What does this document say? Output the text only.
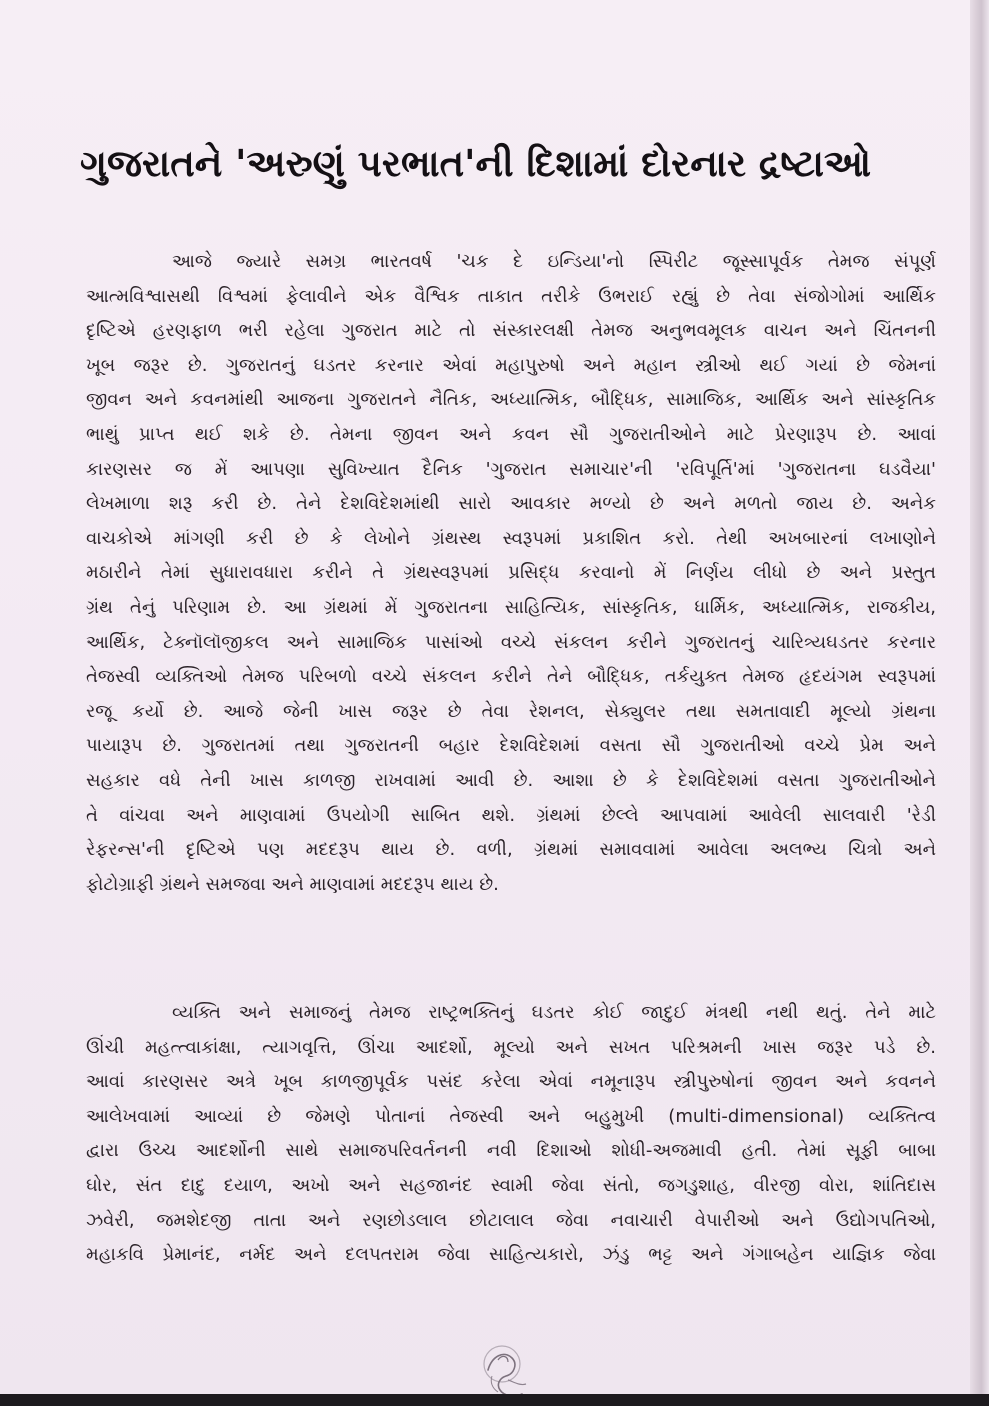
ગુજરાતને 'અરુણું પરભાત'ની દિશામાં દોરનાર દ્રષ્ટાઓ
આજે જ્યારે સમગ્ર ભારતવર્ષ 'ચક દે ઇન્ડિયા'નો સ્પિરીટ જૂસ્સાપૂર્વક તેમજ સંપૂર્ણ
આત્મવિશ્વાસથી વિશ્વમાં ફેલાવીને એક વૈશ્વિક તાકાત તરીકે ઉભરાઈ રહ્યું છે તેવા સંજોગોમાં આર્થિક
દૃષ્ટિએ હરણફાળ ભરી રહેલા ગુજરાત માટે તો સંસ્કારલક્ષી તેમજ અનુભવમૂલક વાચન અને ચિંતનની
ખૂબ જરૂર છે. ગુજરાતનું ઘડતર કરનાર એવાં મહાપુરુષો અને મહાન સ્ત્રીઓ થઈ ગયાં છે જેમનાં
જીવન અને કવનમાંથી આજના ગુજરાતને નૈતિક, અધ્યાત્મિક, બૌદ્ધિક, સામાજિક, આર્થિક અને સાંસ્કૃતિક
ભાથું પ્રાપ્ત થઈ શકે છે. તેમના જીવન અને કવન સૌ ગુજરાતીઓને માટે પ્રેરણારૂપ છે. આવાં
કારણસર જ મેં આપણા સુવિખ્યાત દૈનિક 'ગુજરાત સમાચાર'ની 'રવિપૂર્તિ'માં 'ગુજરાતના ઘડવૈયા'
લેખમાળા શરૂ કરી છે. તેને દેશવિદેશમાંથી સારો આવકાર મળ્યો છે અને મળતો જાય છે. અનેક
વાચકોએ માંગણી કરી છે કે લેખોને ગ્રંથસ્થ સ્વરૂપમાં પ્રકાશિત કરો. તેથી અખબારનાં લખાણોને
મઠારીને તેમાં સુધારાવધારા કરીને તે ગ્રંથસ્વરૂપમાં પ્રસિદ્ધ કરવાનો મેં નિર્ણય લીધો છે અને પ્રસ્તુત
ગ્રંથ તેનું પરિણામ છે. આ ગ્રંથમાં મેં ગુજરાતના સાહિત્યિક, સાંસ્કૃતિક, ધાર્મિક, અધ્યાત્મિક, રાજકીય,
આર્થિક, ટેક્નૉલૉજીકલ અને સામાજિક પાસાંઓ વચ્ચે સંકલન કરીને ગુજરાતનું ચારિત્ર્યઘડતર કરનાર
તેજસ્વી વ્યક્તિઓ તેમજ પરિબળો વચ્ચે સંકલન કરીને તેને બૌદ્ધિક, તર્કયુક્ત તેમજ હૃદયંગમ સ્વરૂપમાં
રજૂ કર્યો છે. આજે જેની ખાસ જરૂર છે તેવા રેશનલ, સેક્યુલર તથા સમતાવાદી મૂલ્યો ગ્રંથના
પાયારૂપ છે. ગુજરાતમાં તથા ગુજરાતની બહાર દેશવિદેશમાં વસતા સૌ ગુજરાતીઓ વચ્ચે પ્રેમ અને
સહકાર વધે તેની ખાસ કાળજી રાખવામાં આવી છે. આશા છે કે દેશવિદેશમાં વસતા ગુજરાતીઓને
તે વાંચવા અને માણવામાં ઉપયોગી સાબિત થશે. ગ્રંથમાં છેલ્લે આપવામાં આવેલી સાલવારી 'રેડી
રેફરન્સ'ની દૃષ્ટિએ પણ મદદરૂપ થાય છે. વળી, ગ્રંથમાં સમાવવામાં આવેલા અલભ્ય ચિત્રો અને
ફોટોગ્રાફી ગ્રંથને સમજવા અને માણવામાં મદદરૂપ થાય છે.
વ્યક્તિ અને સમાજનું તેમજ રાષ્ટ્રભક્તિનું ઘડતર કોઈ જાદુઈ મંત્રથી નથી થતું. તેને માટે
ઊંચી મહત્ત્વાકાંક્ષા, ત્યાગવૃત્તિ, ઊંચા આદર્શો, મૂલ્યો અને સખત પરિશ્રમની ખાસ જરૂર પડે છે.
આવાં કારણસર અત્રે ખૂબ કાળજીપૂર્વક પસંદ કરેલા એવાં નમૂનારૂપ સ્ત્રીપુરુષોનાં જીવન અને કવનને
આલેખવામાં આવ્યાં છે જેમણે પોતાનાં તેજસ્વી અને બહુમુખી (multi-dimensional) વ્યક્તિત્વ
દ્વારા ઉચ્ચ આદર્શોની સાથે સમાજપરિવર્તનની નવી દિશાઓ શોધી-અજમાવી હતી. તેમાં સૂફી બાબા
ઘોર, સંત દાદુ દયાળ, અખો અને સહજાનંદ સ્વામી જેવા સંતો, જગડુશાહ, વીરજી વોરા, શાંતિદાસ
ઝવેરી, જમશેદજી તાતા અને રણછોડલાલ છોટાલાલ જેવા નવાચારી વેપારીઓ અને ઉદ્યોગપતિઓ,
મહાકવિ પ્રેમાનંદ, નર્મદ અને દલપતરામ જેવા સાહિત્યકારો, ઝંડુ ભટ્ટ અને ગંગાબહેન યાજ્ઞિક જેવા
